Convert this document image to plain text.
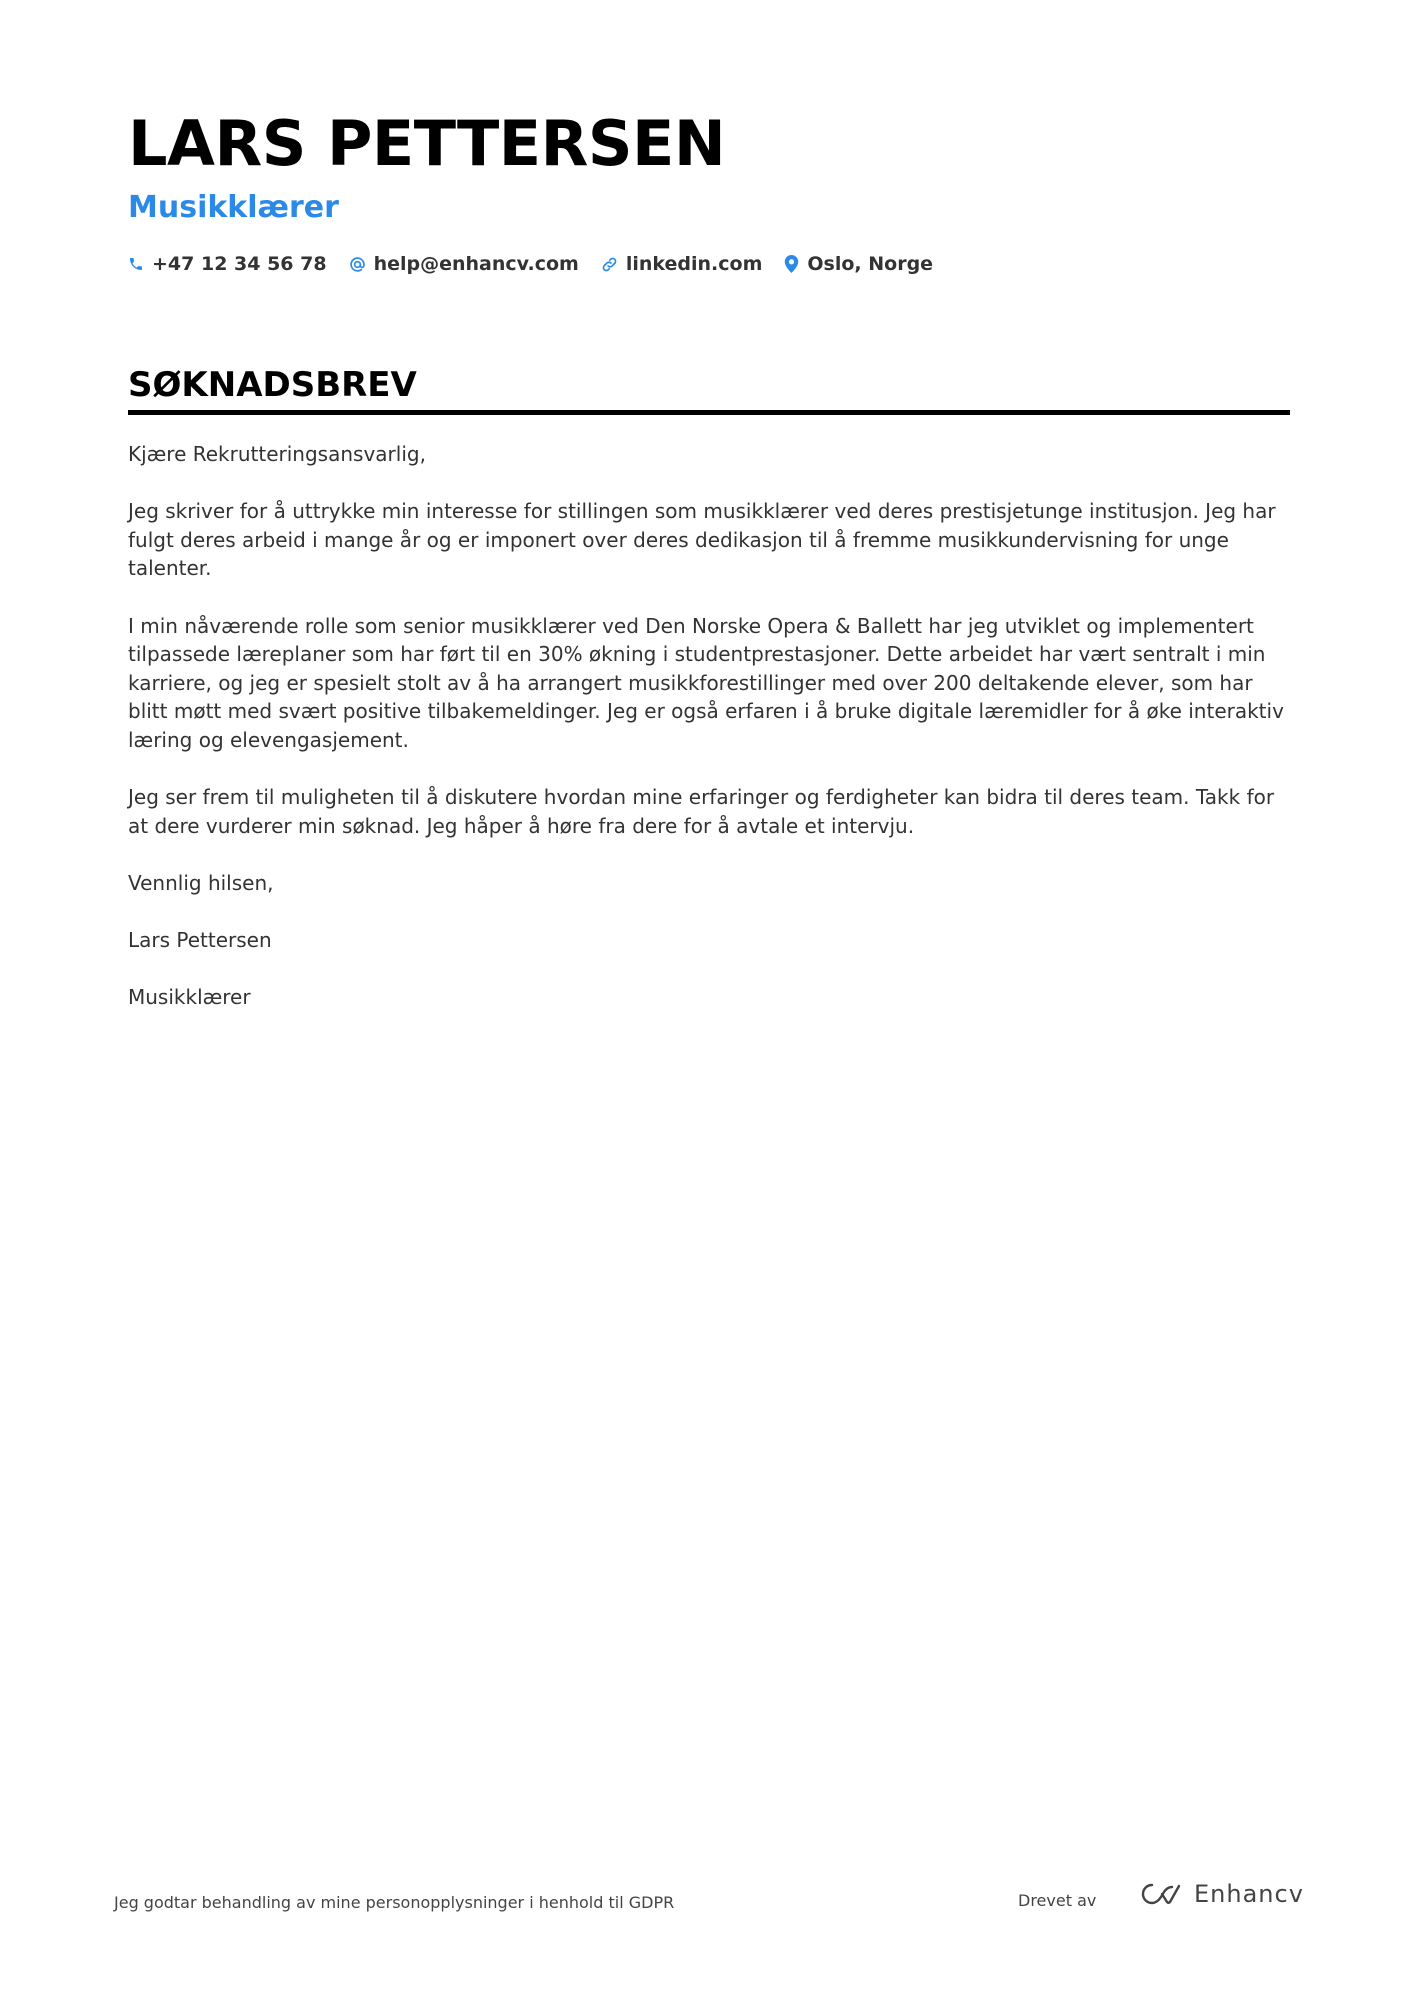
LARS PETTERSEN
Musikklærer
+47 12 34 56 78 help@enhancv.com linkedin.com Oslo, Norge
SØKNADSBREV

Kjære Rekrutteringsansvarlig,

Jeg skriver for å uttrykke min interesse for stillingen som musikklærer ved deres prestisjetunge institusjon. Jeg har fulgt deres arbeid i mange år og er imponert over deres dedikasjon til å fremme musikkundervisning for unge talenter.

I min nåværende rolle som senior musikklærer ved Den Norske Opera & Ballett har jeg utviklet og implementert tilpassede læreplaner som har ført til en 30% økning i studentprestasjoner. Dette arbeidet har vært sentralt i min karriere, og jeg er spesielt stolt av å ha arrangert musikkforestillinger med over 200 deltakende elever, som har blitt møtt med svært positive tilbakemeldinger. Jeg er også erfaren i å bruke digitale læremidler for å øke interaktiv læring og elevengasjement.

Jeg ser frem til muligheten til å diskutere hvordan mine erfaringer og ferdigheter kan bidra til deres team. Takk for at dere vurderer min søknad. Jeg håper å høre fra dere for å avtale et intervju.

Vennlig hilsen,

Lars Pettersen

Musikklærer

Jeg godtar behandling av mine personopplysninger i henhold til GDPR	Drevet av	Enhancv
